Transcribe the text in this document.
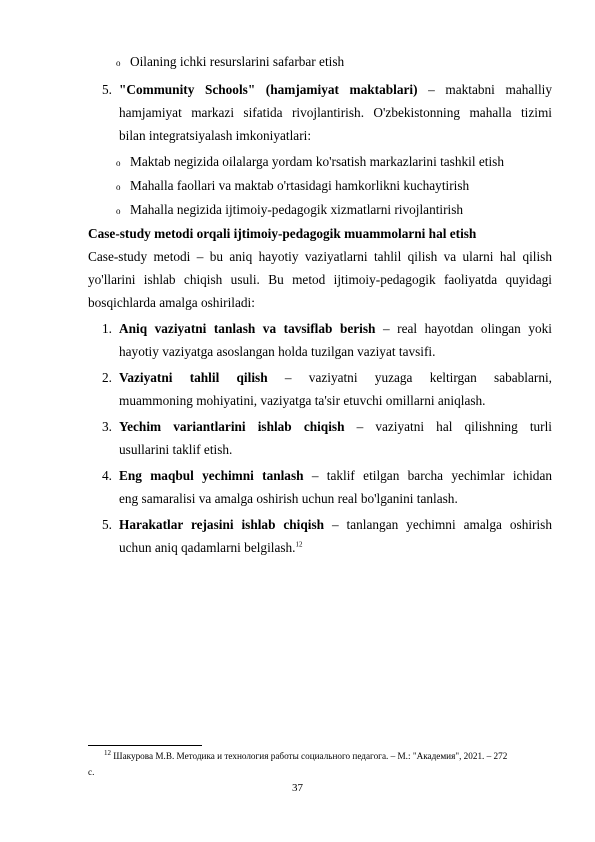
o Oilaning ichki resurslarini safarbar etish
5. "Community Schools" (hamjamiyat maktablari) – maktabni mahalliy
hamjamiyat markazi sifatida rivojlantirish. O'zbekistonning mahalla tizimi
bilan integratsiyalash imkoniyatlari:
o Maktab negizida oilalarga yordam ko'rsatish markazlarini tashkil etish
o Mahalla faollari va maktab o'rtasidagi hamkorlikni kuchaytirish
o Mahalla negizida ijtimoiy-pedagogik xizmatlarni rivojlantirish
Case-study metodi orqali ijtimoiy-pedagogik muammolarni hal etish
Case-study metodi – bu aniq hayotiy vaziyatlarni tahlil qilish va ularni hal qilish
yo'llarini ishlab chiqish usuli. Bu metod ijtimoiy-pedagogik faoliyatda quyidagi
bosqichlarda amalga oshiriladi:
1. Aniq vaziyatni tanlash va tavsiflab berish – real hayotdan olingan yoki
hayotiy vaziyatga asoslangan holda tuzilgan vaziyat tavsifi.
2. Vaziyatni tahlil qilish – vaziyatni yuzaga keltirgan sabablarni,
muammoning mohiyatini, vaziyatga ta'sir etuvchi omillarni aniqlash.
3. Yechim variantlarini ishlab chiqish – vaziyatni hal qilishning turli
usullarini taklif etish.
4. Eng maqbul yechimni tanlash – taklif etilgan barcha yechimlar ichidan
eng samaralisi va amalga oshirish uchun real bo'lganini tanlash.
5. Harakatlar rejasini ishlab chiqish – tanlangan yechimni amalga oshirish
uchun aniq qadamlarni belgilash.$^{12}$
$^{12}$ Шакурова М.В. Методика и технология работы социального педагога. – М.: "Академия", 2021. – 272
с.
37
